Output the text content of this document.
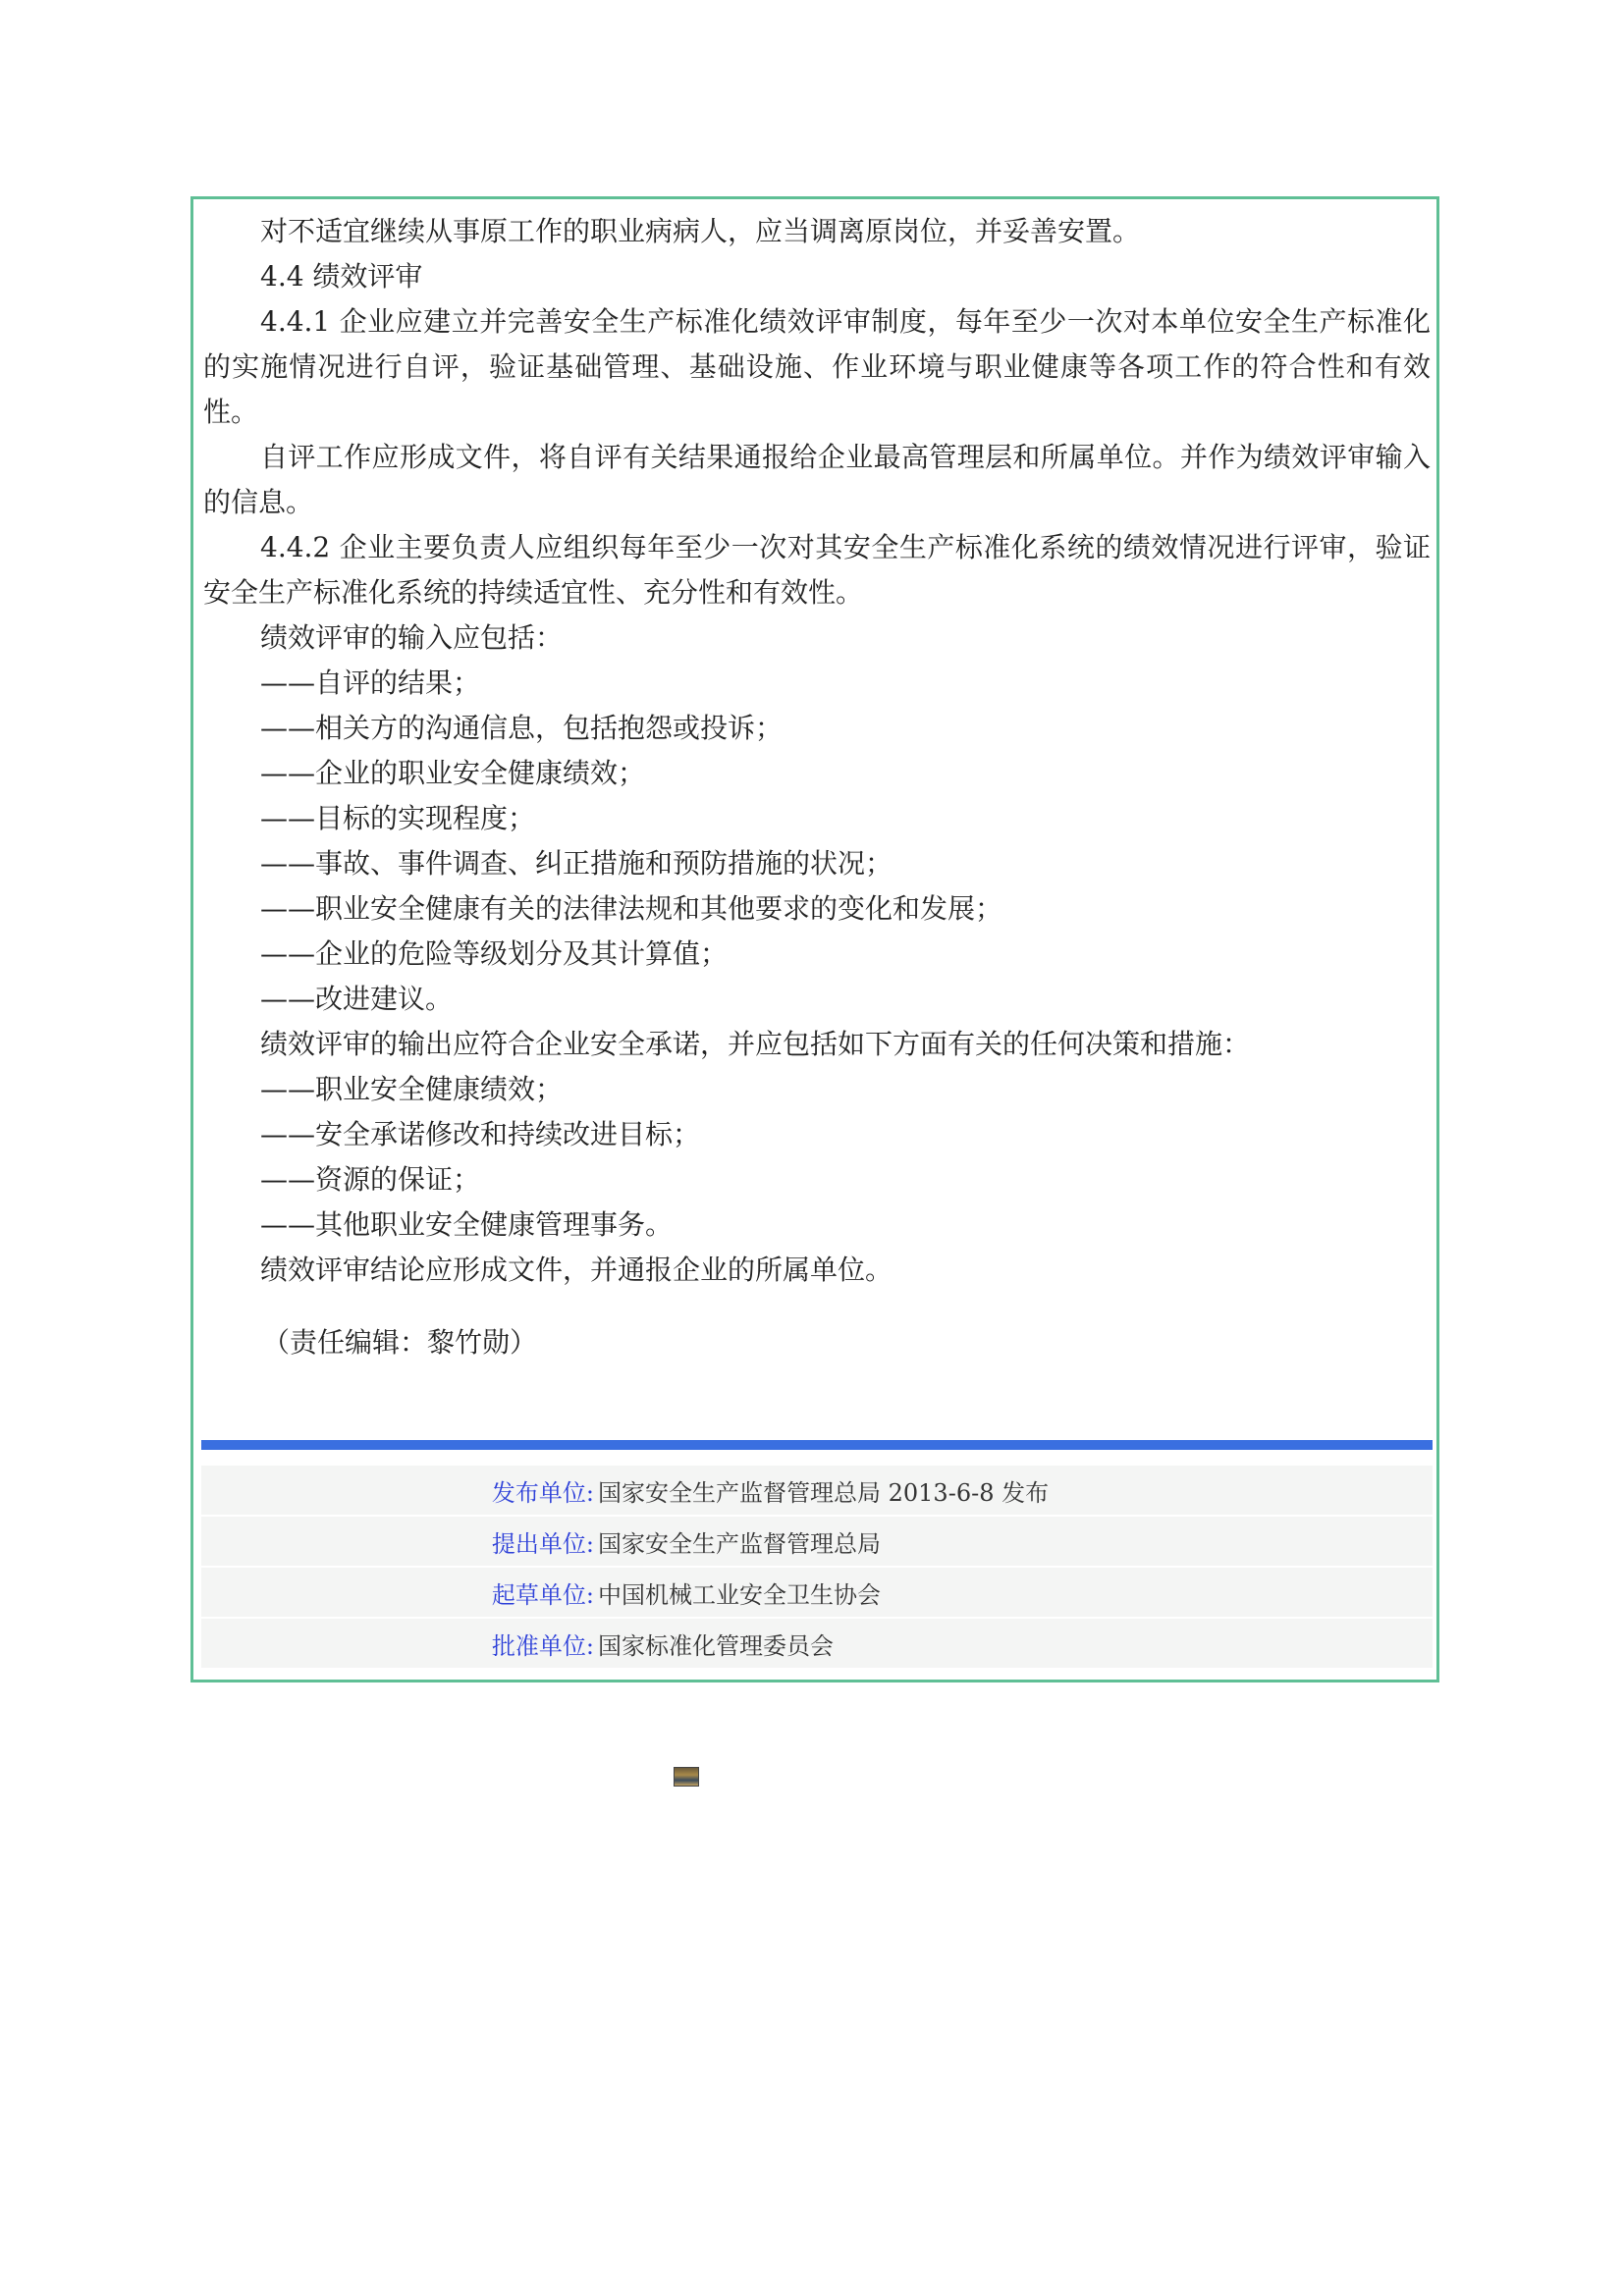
对不适宜继续从事原工作的职业病病人，应当调离原岗位，并妥善安置。

4.4 绩效评审

4.4.1 企业应建立并完善安全生产标准化绩效评审制度，每年至少一次对本单位安全生产标准化的实施情况进行自评，验证基础管理、基础设施、作业环境与职业健康等各项工作的符合性和有效性。

自评工作应形成文件，将自评有关结果通报给企业最高管理层和所属单位。并作为绩效评审输入的信息。

4.4.2 企业主要负责人应组织每年至少一次对其安全生产标准化系统的绩效情况进行评审，验证安全生产标准化系统的持续适宜性、充分性和有效性。

绩效评审的输入应包括：

——自评的结果；

——相关方的沟通信息，包括抱怨或投诉；

——企业的职业安全健康绩效；

——目标的实现程度；

——事故、事件调查、纠正措施和预防措施的状况；

——职业安全健康有关的法律法规和其他要求的变化和发展；

——企业的危险等级划分及其计算值；

——改进建议。

绩效评审的输出应符合企业安全承诺，并应包括如下方面有关的任何决策和措施：

——职业安全健康绩效；

——安全承诺修改和持续改进目标；

——资源的保证；

——其他职业安全健康管理事务。

绩效评审结论应形成文件，并通报企业的所属单位。

（责任编辑：黎竹勋）
发布单位: 国家安全生产监督管理总局 2013-6-8 发布
提出单位: 国家安全生产监督管理总局
起草单位: 中国机械工业安全卫生协会
批准单位: 国家标准化管理委员会
